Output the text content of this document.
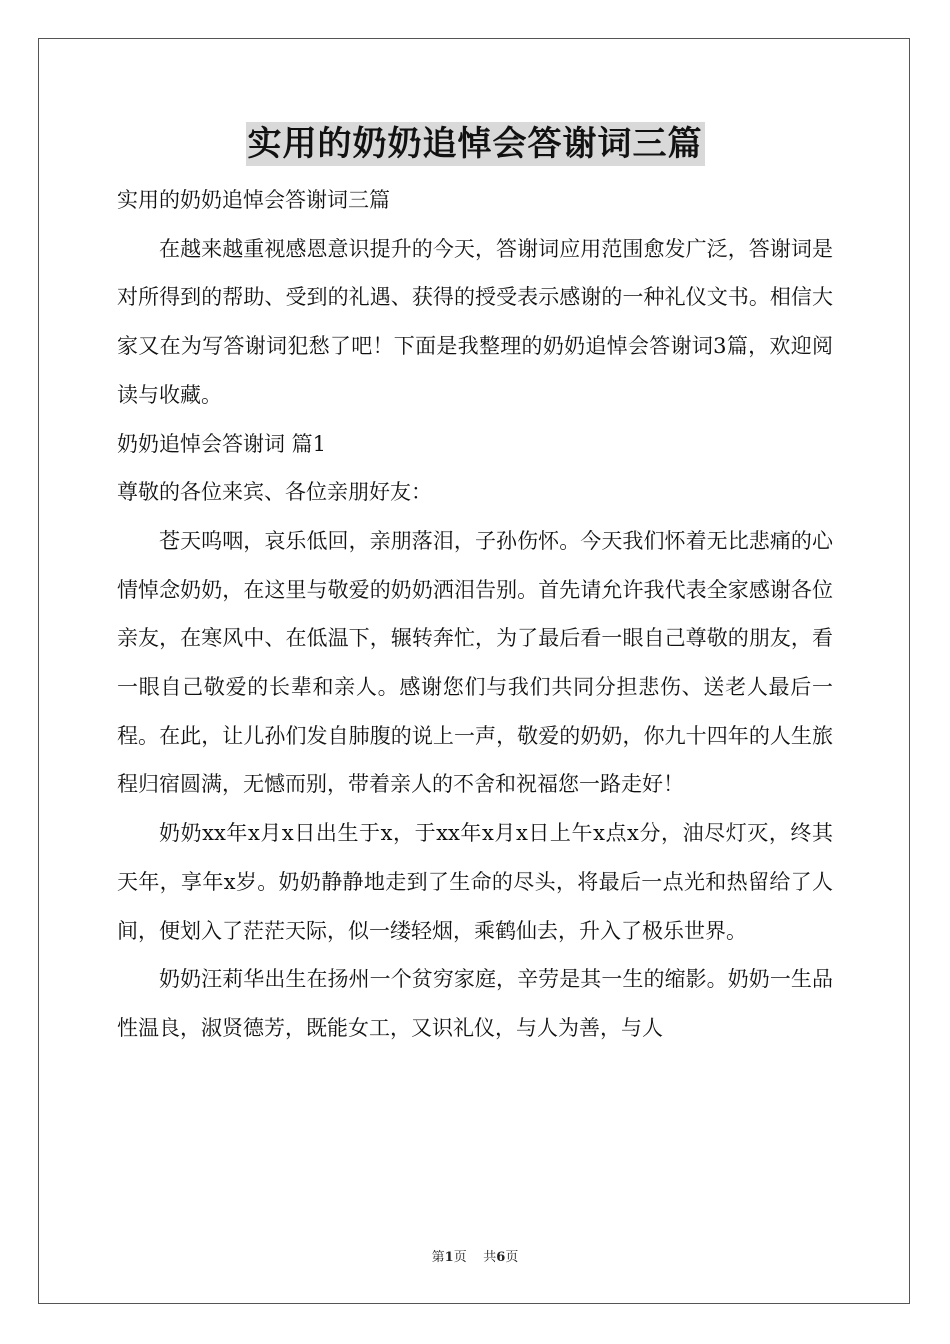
实用的奶奶追悼会答谢词三篇

实用的奶奶追悼会答谢词三篇

在越来越重视感恩意识提升的今天，答谢词应用范围愈发广泛，答谢词是对所得到的帮助、受到的礼遇、获得的授受表示感谢的一种礼仪文书。相信大家又在为写答谢词犯愁了吧！下面是我整理的奶奶追悼会答谢词3篇，欢迎阅读与收藏。

奶奶追悼会答谢词 篇1

尊敬的各位来宾、各位亲朋好友：

苍天呜咽，哀乐低回，亲朋落泪，子孙伤怀。今天我们怀着无比悲痛的心情悼念奶奶，在这里与敬爱的奶奶洒泪告别。首先请允许我代表全家感谢各位亲友，在寒风中、在低温下，辗转奔忙，为了最后看一眼自己尊敬的朋友，看一眼自己敬爱的长辈和亲人。感谢您们与我们共同分担悲伤、送老人最后一程。在此，让儿孙们发自肺腹的说上一声，敬爱的奶奶，你九十四年的人生旅程归宿圆满，无憾而别，带着亲人的不舍和祝福您一路走好！

奶奶xx年x月x日出生于x，于xx年x月x日上午x点x分，油尽灯灭，终其天年，享年x岁。奶奶静静地走到了生命的尽头，将最后一点光和热留给了人间，便划入了茫茫天际，似一缕轻烟，乘鹤仙去，升入了极乐世界。

奶奶汪莉华出生在扬州一个贫穷家庭，辛劳是其一生的缩影。奶奶一生品性温良，淑贤德芳，既能女工，又识礼仪，与人为善，与人

第1页 共6页
